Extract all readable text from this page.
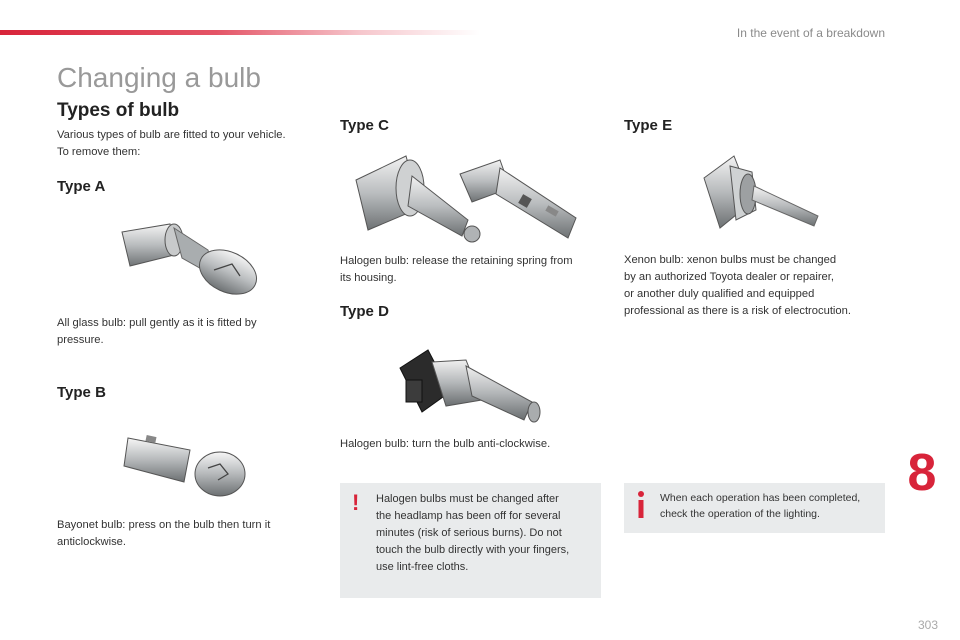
In the event of a breakdown
Changing a bulb
Types of bulb

Various types of bulb are fitted to your vehicle.
To remove them:

Type A

All glass bulb: pull gently as it is fitted by
pressure.

Type B

Bayonet bulb: press on the bulb then turn it
anticlockwise.

Type C

Halogen bulb: release the retaining spring from
its housing.

Type D

Halogen bulb: turn the bulb anti-clockwise.

Type E

Xenon bulb: xenon bulbs must be changed
by an authorized Toyota dealer or repairer,
or another duly qualified and equipped
professional as there is a risk of electrocution.

! Halogen bulbs must be changed after
the headlamp has been off for several
minutes (risk of serious burns). Do not
touch the bulb directly with your fingers,
use lint-free cloths.
When each operation has been completed,
check the operation of the lighting.
8
303
